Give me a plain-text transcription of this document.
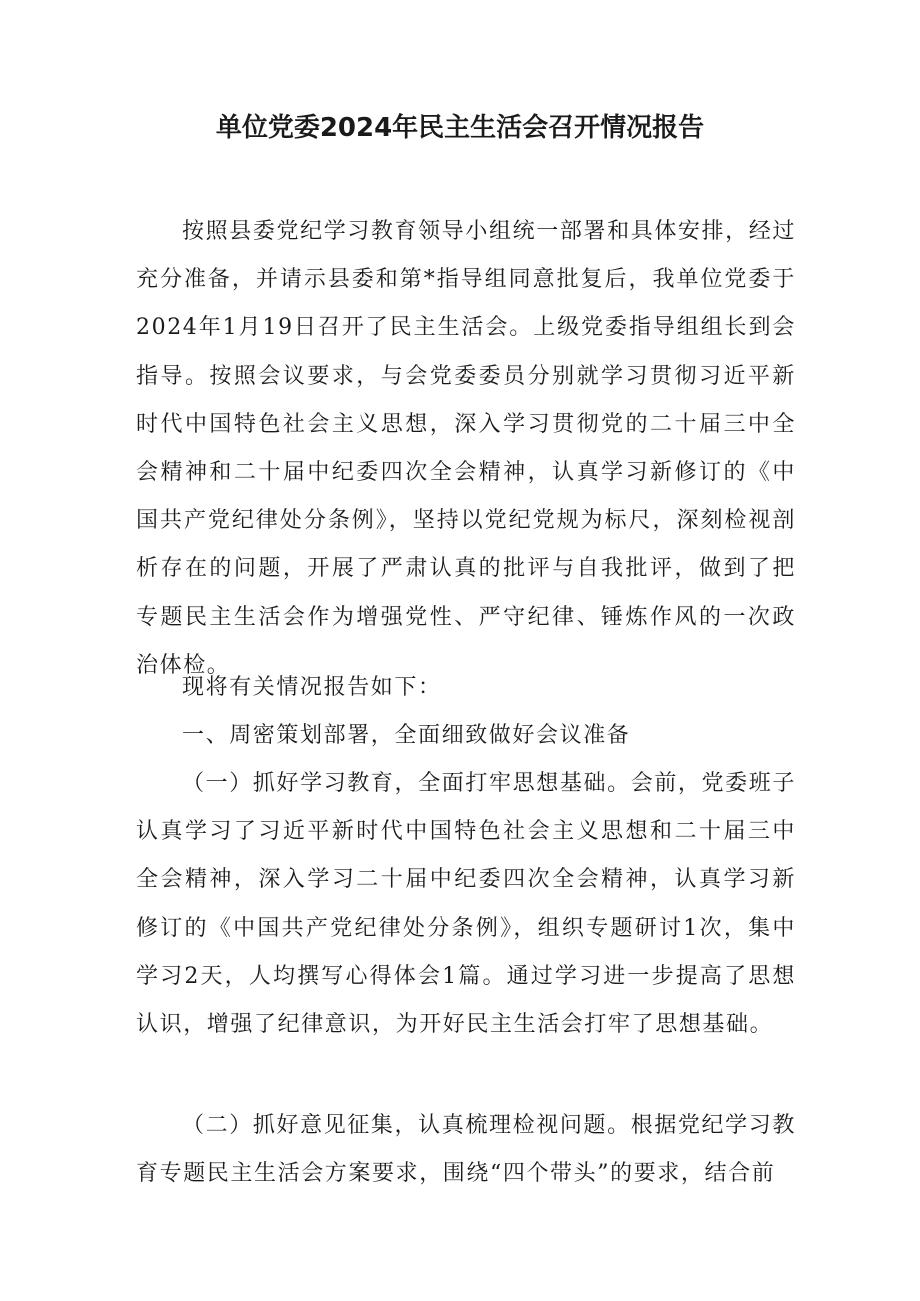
单位党委2024年民主生活会召开情况报告

按照县委党纪学习教育领导小组统一部署和具体安排，经过充分准备，并请示县委和第*指导组同意批复后，我单位党委于2024年1月19日召开了民主生活会。上级党委指导组组长到会指导。按照会议要求，与会党委委员分别就学习贯彻习近平新时代中国特色社会主义思想，深入学习贯彻党的二十届三中全会精神和二十届中纪委四次全会精神，认真学习新修订的《中国共产党纪律处分条例》，坚持以党纪党规为标尺，深刻检视剖析存在的问题，开展了严肃认真的批评与自我批评，做到了把专题民主生活会作为增强党性、严守纪律、锤炼作风的一次政治体检。

现将有关情况报告如下：

一、周密策划部署，全面细致做好会议准备

（一）抓好学习教育，全面打牢思想基础。会前，党委班子认真学习了习近平新时代中国特色社会主义思想和二十届三中全会精神，深入学习二十届中纪委四次全会精神，认真学习新修订的《中国共产党纪律处分条例》，组织专题研讨1次，集中学习2天，人均撰写心得体会1篇。通过学习进一步提高了思想认识，增强了纪律意识，为开好民主生活会打牢了思想基础。

（二）抓好意见征集，认真梳理检视问题。根据党纪学习教育专题民主生活会方案要求，围绕“四个带头”的要求，结合前
